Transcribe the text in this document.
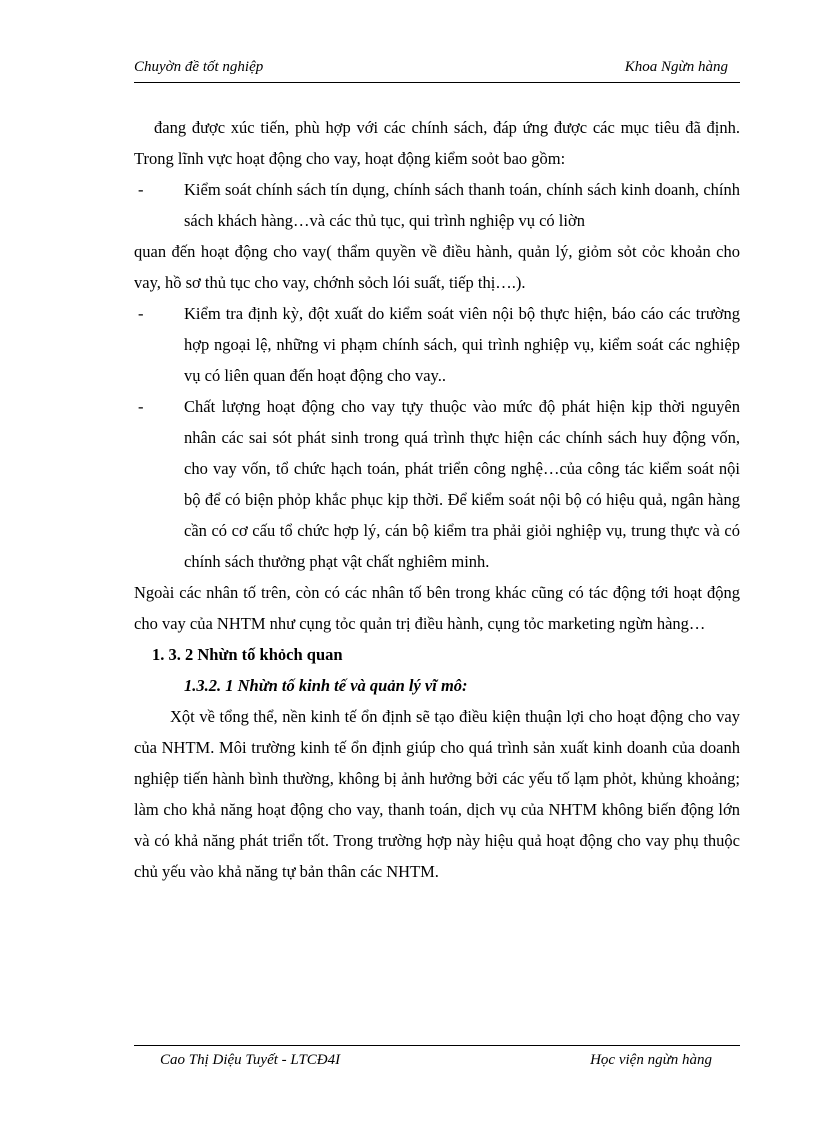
Chuyờn đề tốt nghiệp	Khoa Ngừn hàng

đang được xúc tiến, phù hợp với các chính sách, đáp ứng được các mục tiêu đã định. Trong lĩnh vực hoạt động cho vay, hoạt động kiểm soỏt bao gồm:

- Kiểm soát chính sách tín dụng, chính sách thanh toán, chính sách kinh doanh, chính sách khách hàng…và các thủ tục, qui trình nghiệp vụ có liờn

quan đến hoạt động cho vay( thẩm quyền về điều hành, quản lý, giỏm sỏt cỏc khoản cho vay, hồ sơ thủ tục cho vay, chớnh sỏch lói suất, tiếp thị….).

- Kiểm tra định kỳ, đột xuất do kiểm soát viên nội bộ thực hiện, báo cáo các trường hợp ngoại lệ, những vi phạm chính sách, qui trình nghiệp vụ, kiểm soát các nghiệp vụ có liên quan đến hoạt động cho vay..

- Chất lượng hoạt động cho vay tựy thuộc vào mức độ phát hiện kịp thời nguyên nhân các sai sót phát sinh trong quá trình thực hiện các chính sách huy động vốn, cho vay vốn, tổ chức hạch toán, phát triển công nghệ…của công tác kiểm soát nội bộ để có biện phỏp khắc phục kịp thời. Để kiểm soát nội bộ có hiệu quả, ngân hàng cần có cơ cấu tổ chức hợp lý, cán bộ kiểm tra phải giỏi nghiệp vụ, trung thực và có chính sách thưởng phạt vật chất nghiêm minh.

Ngoài các nhân tố trên, còn có các nhân tố bên trong khác cũng có tác động tới hoạt động cho vay của NHTM như cụng tỏc quản trị điều hành, cụng tỏc marketing ngừn hàng…

1. 3. 2 Nhừn tố khỏch quan

1.3.2. 1 Nhừn tố kinh tế và quản lý vĩ mô:

Xột về tổng thể, nền kinh tế ổn định sẽ tạo điều kiện thuận lợi cho hoạt động cho vay của NHTM. Môi trường kinh tế ổn định giúp cho quá trình sản xuất kinh doanh của doanh nghiệp tiến hành bình thường, không bị ảnh hưởng bởi các yếu tố lạm phỏt, khủng khoảng; làm cho khả năng hoạt động cho vay, thanh toán, dịch vụ của NHTM không biến động lớn và có khả năng phát triển tốt. Trong trường hợp này hiệu quả hoạt động cho vay phụ thuộc chủ yếu vào khả năng tự bản thân các NHTM.

Cao Thị Diệu Tuyết - LTCĐ4I	Học viện ngừn hàng
